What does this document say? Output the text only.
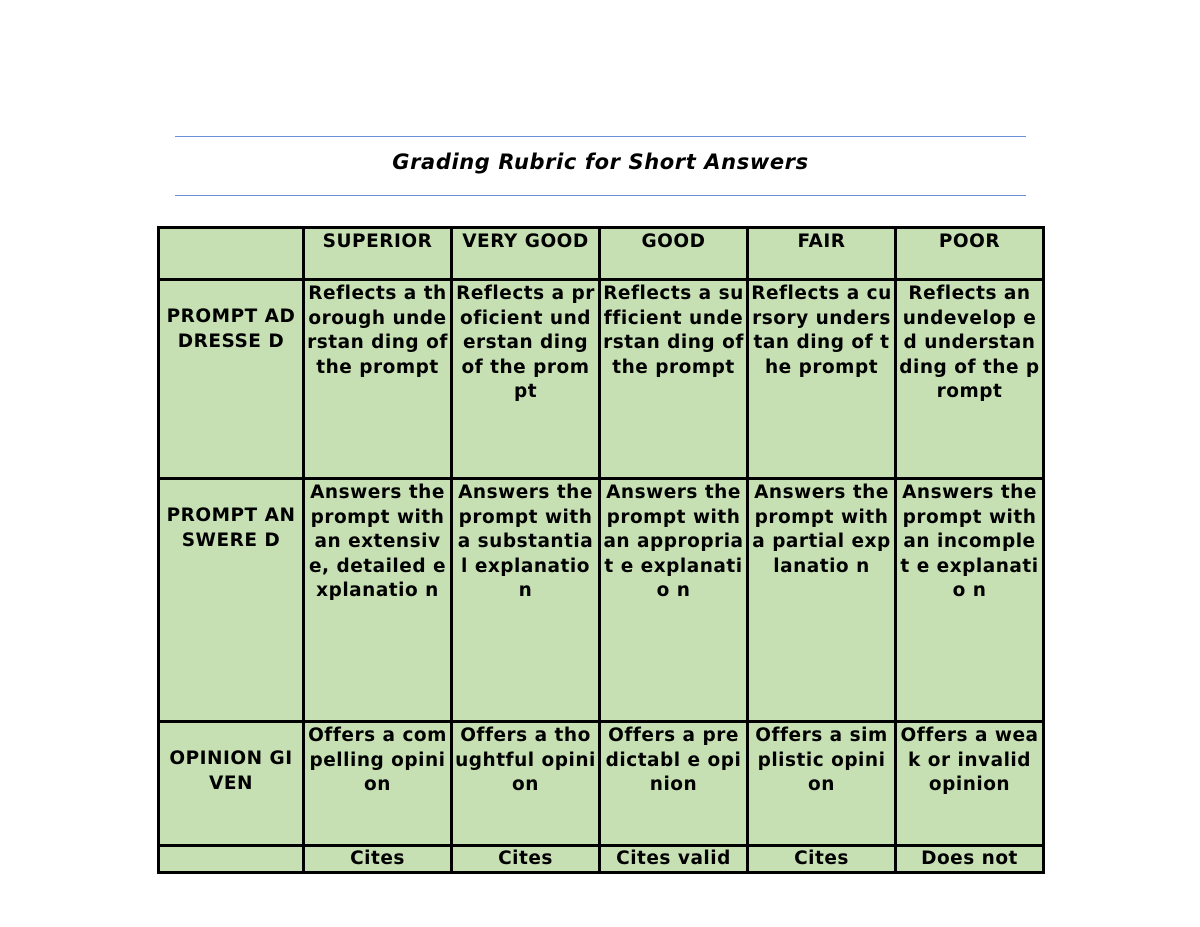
Grading Rubric for Short Answers
	SUPERIOR	VERY GOOD	GOOD	FAIR	POOR
PROMPT ADDRESSE D	Reflects a thorough understan ding of the prompt	Reflects a proficient understan ding of the prompt	Reflects a sufficient understan ding of the prompt	Reflects a cursory understan ding of the prompt	Reflects an undevelop ed understan ding of the prompt
PROMPT ANSWERE D	Answers the prompt with an extensive, detailed explanatio n	Answers the prompt with a substantia l explanatio n	Answers the prompt with an appropriat e explanatio n	Answers the prompt with a partial explanatio n	Answers the prompt with an incomplet e explanatio n
OPINION GIVEN	Offers a compelling opinion	Offers a thoughtful opinion	Offers a predictabl e opinion	Offers a simplistic opinion	Offers a weak or invalid opinion
	Cites	Cites	Cites valid	Cites	Does not
